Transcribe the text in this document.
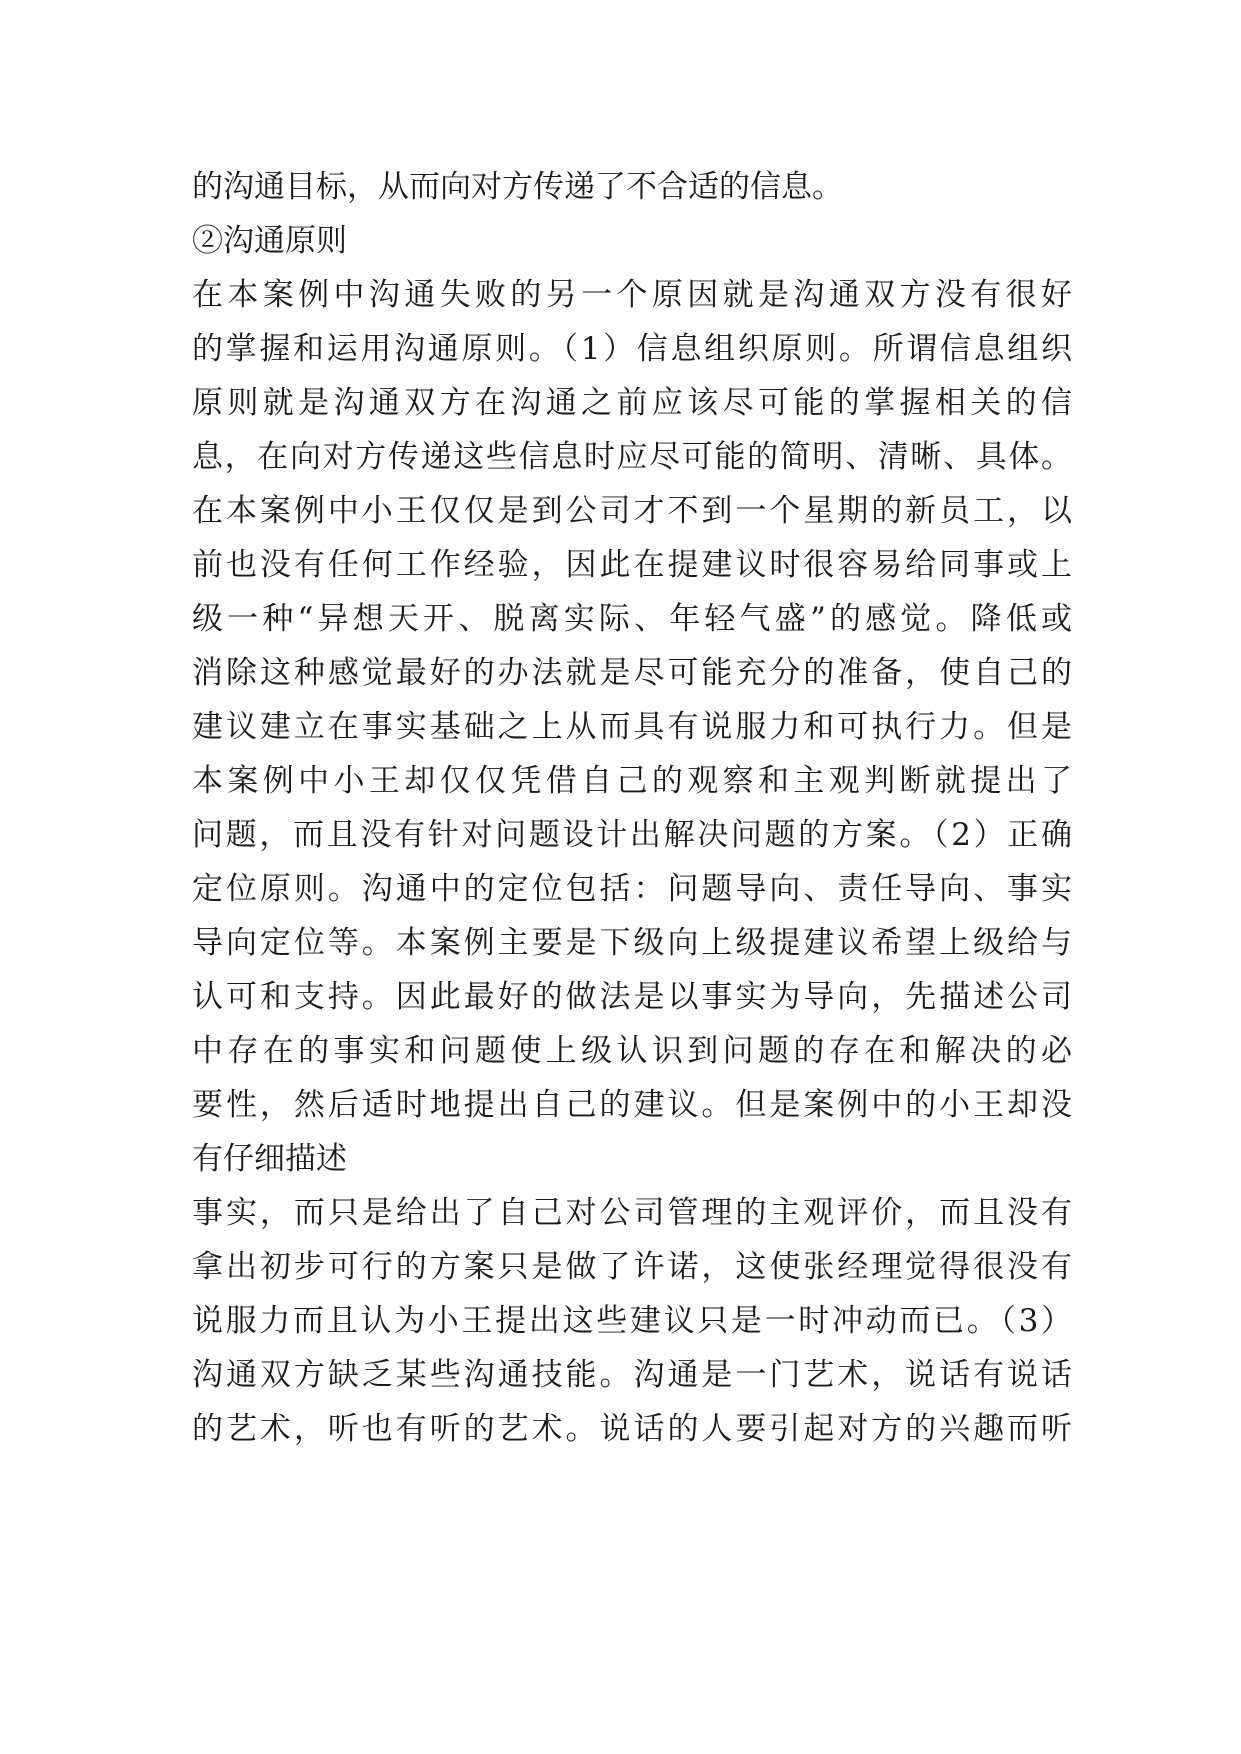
的沟通目标，从而向对方传递了不合适的信息。
②沟通原则
在本案例中沟通失败的另一个原因就是沟通双方没有很好
的掌握和运用沟通原则。（1）信息组织原则。所谓信息组织
原则就是沟通双方在沟通之前应该尽可能的掌握相关的信
息，在向对方传递这些信息时应尽可能的简明、清晰、具体。
在本案例中小王仅仅是到公司才不到一个星期的新员工，以
前也没有任何工作经验，因此在提建议时很容易给同事或上
级一种“异想天开、脱离实际、年轻气盛”的感觉。降低或
消除这种感觉最好的办法就是尽可能充分的准备，使自己的
建议建立在事实基础之上从而具有说服力和可执行力。但是
本案例中小王却仅仅凭借自己的观察和主观判断就提出了
问题，而且没有针对问题设计出解决问题的方案。（2）正确
定位原则。沟通中的定位包括：问题导向、责任导向、事实
导向定位等。本案例主要是下级向上级提建议希望上级给与
认可和支持。因此最好的做法是以事实为导向，先描述公司
中存在的事实和问题使上级认识到问题的存在和解决的必
要性，然后适时地提出自己的建议。但是案例中的小王却没
有仔细描述
事实，而只是给出了自己对公司管理的主观评价，而且没有
拿出初步可行的方案只是做了许诺，这使张经理觉得很没有
说服力而且认为小王提出这些建议只是一时冲动而已。（3）
沟通双方缺乏某些沟通技能。沟通是一门艺术，说话有说话
的艺术，听也有听的艺术。说话的人要引起对方的兴趣而听
